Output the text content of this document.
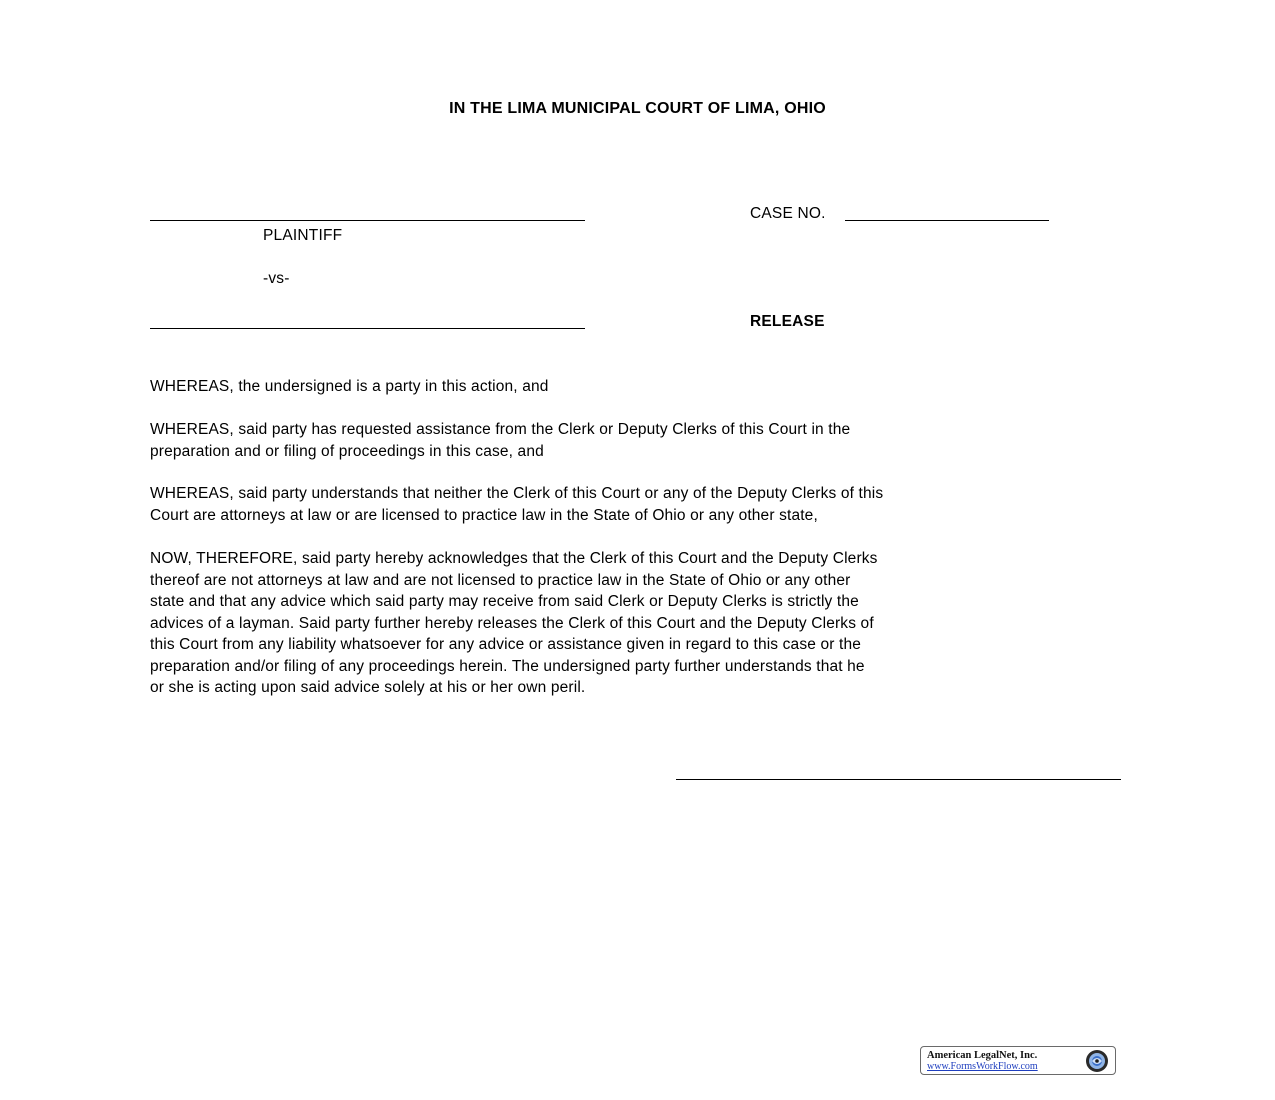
IN THE LIMA MUNICIPAL COURT OF LIMA, OHIO
CASE NO.
PLAINTIFF
-vs-
RELEASE
WHEREAS, the undersigned is a party in this action, and
WHEREAS, said party has requested assistance from the Clerk or Deputy Clerks of this Court in the
preparation and or filing of proceedings in this case, and
WHEREAS, said party understands that neither the Clerk of this Court or any of the Deputy Clerks of this
Court are attorneys at law or are licensed to practice law in the State of Ohio or any other state,
NOW, THEREFORE, said party hereby acknowledges that the Clerk of this Court and the Deputy Clerks
thereof are not attorneys at law and are not licensed to practice law in the State of Ohio or any other
state and that any advice which said party may receive from said Clerk or Deputy Clerks is strictly the
advices of a layman. Said party further hereby releases the Clerk of this Court and the Deputy Clerks of
this Court from any liability whatsoever for any advice or assistance given in regard to this case or the
preparation and/or filing of any proceedings herein. The undersigned party further understands that he
or she is acting upon said advice solely at his or her own peril.
American LegalNet, Inc.
www.FormsWorkFlow.com
